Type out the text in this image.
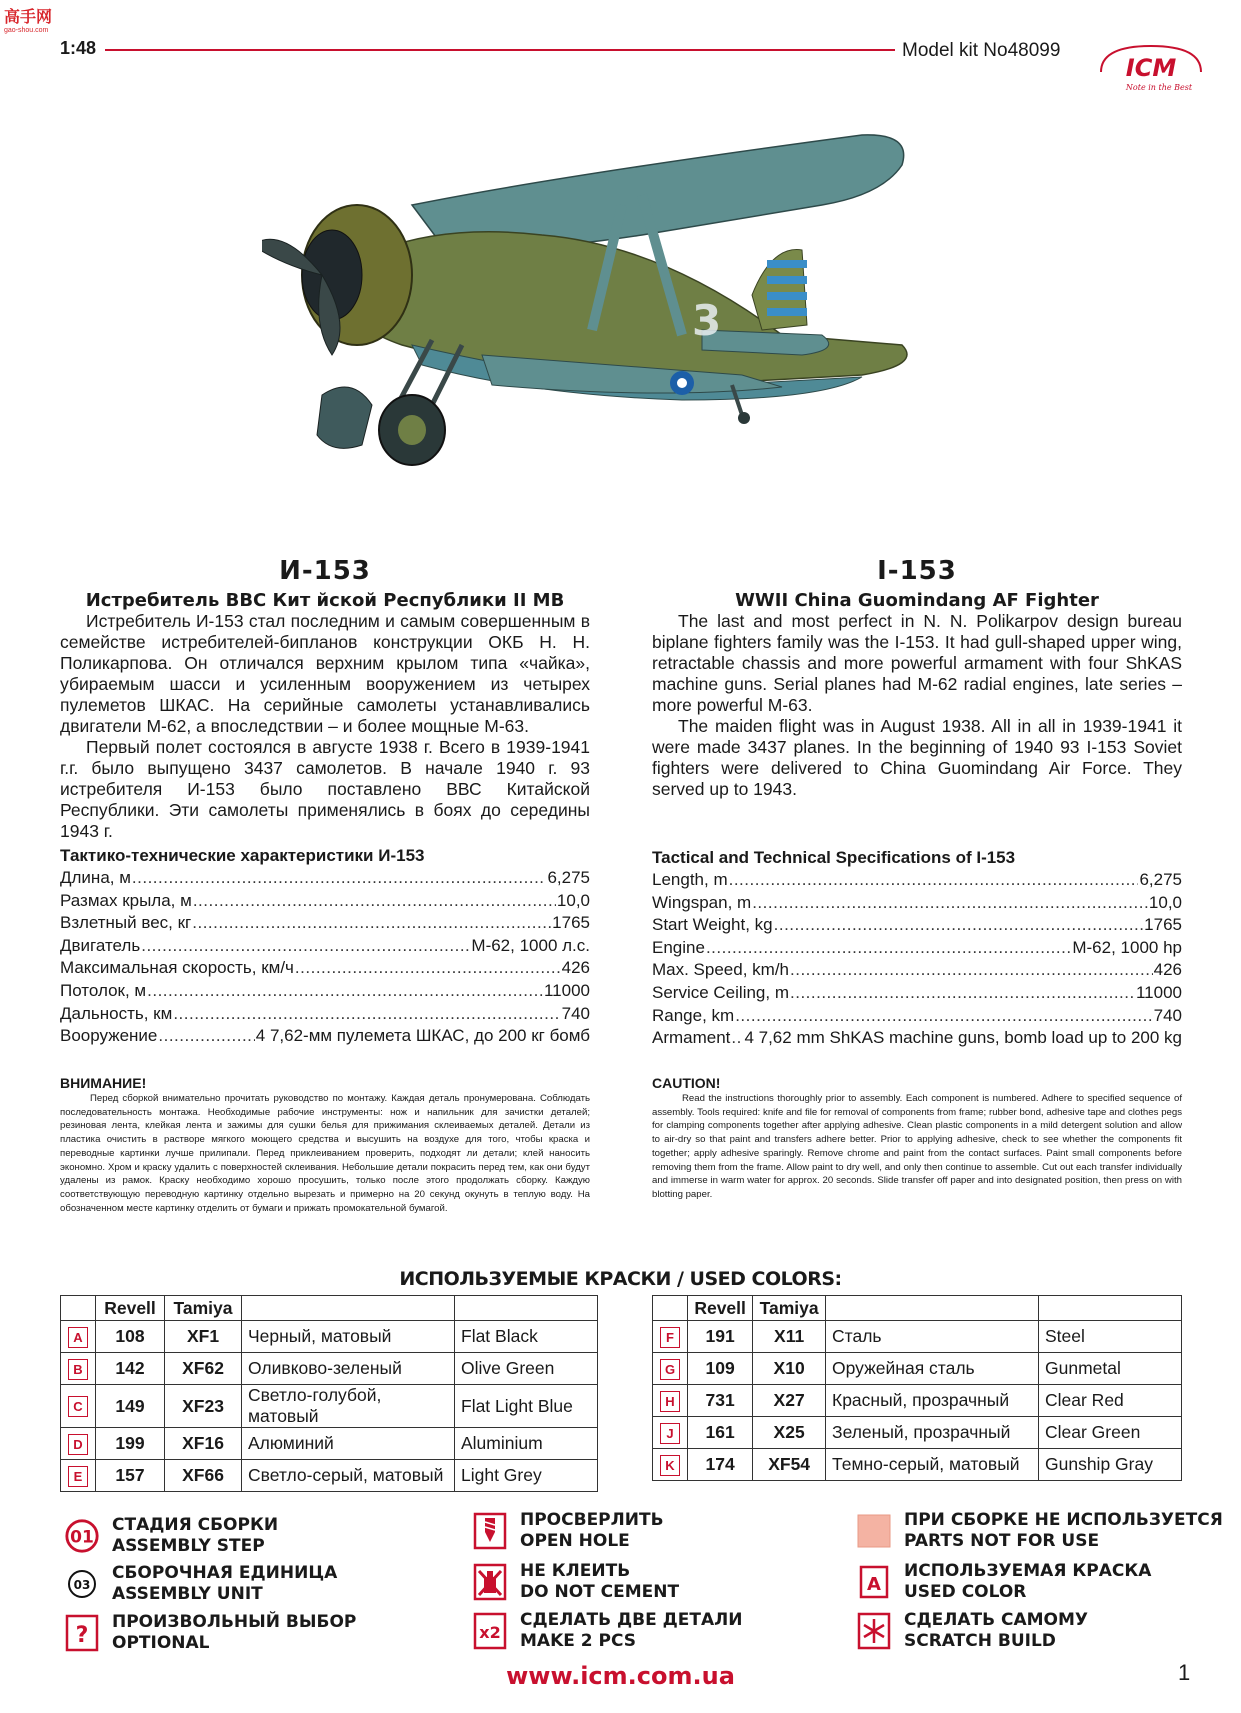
高手网
gao-shou.com
1:48	Model kit No48099
ICM
Note in the Best
3
И-153
Истребитель ВВС Кит йской Республики II МВ

Истребитель И-153 стал последним и самым совершенным в семействе истребителей-бипланов конструкции ОКБ Н. Н. Поликарпова. Он отличался верхним крылом типа «чайка», убираемым шасси и усиленным вооружением из четырех пулеметов ШКАС. На серийные самолеты устанавливались двигатели М-62, а впоследствии – и более мощные М-63.

Первый полет состоялся в августе 1938 г. Всего в 1939-1941 г.г. было выпущено 3437 самолетов. В начале 1940 г. 93 истребителя И-153 было поставлено ВВС Китайской Республики. Эти самолеты применялись в боях до середины 1943 г.

Тактико-технические характеристики И-153
Длина, м .....	6,275
Размах крыла, м .....	10,0
Взлетный вес, кг .....	1765
Двигатель .....	М-62, 1000 л.с.
Максимальная скорость, км/ч .....	426
Потолок, м .....	11000
Дальность, км .....	740
Вооружение .....	4 7,62-мм пулемета ШКАС, до 200 кг бомб
ВНИМАНИЕ!
Перед сборкой внимательно прочитать руководство по монтажу. Каждая деталь пронумерована. Соблюдать последовательность монтажа. Необходимые рабочие инструменты: нож и напильник для зачистки деталей; резиновая лента, клейкая лента и зажимы для сушки белья для прижимания склеиваемых деталей. Детали из пластика очистить в растворе мягкого моющего средства и высушить на воздухе для того, чтобы краска и переводные картинки лучше прилипали. Перед приклеиванием проверить, подходят ли детали; клей наносить экономно. Хром и краску удалить с поверхностей склеивания. Небольшие детали покрасить перед тем, как они будут удалены из рамок. Краску необходимо хорошо просушить, только после этого продолжать сборку. Каждую соответствующую переводную картинку отдельно вырезать и примерно на 20 секунд окунуть в теплую воду. На обозначенном месте картинку отделить от бумаги и прижать промокательной бумагой.
I-153
WWII China Guomindang AF Fighter

The last and most perfect in N. N. Polikarpov design bureau biplane fighters family was the I-153. It had gull-shaped upper wing, retractable chassis and more powerful armament with four ShKAS machine guns. Serial planes had M-62 radial engines, late series – more powerful M-63.

The maiden flight was in August 1938. All in all in 1939-1941 it were made 3437 planes. In the beginning of 1940 93 I-153 Soviet fighters were delivered to China Guomindang Air Force. They served up to 1943.

Tactical and Technical Specifications of I-153
Length, m .....	6,275
Wingspan, m .....	10,0
Start Weight, kg .....	1765
Engine .....	M-62, 1000 hp
Max. Speed, km/h .....	426
Service Ceiling, m .....	11000
Range, km .....	740
Armament ..... 4 7,62 mm ShKAS machine guns, bomb load up to 200 kg
CAUTION!
Read the instructions thoroughly prior to assembly. Each component is numbered. Adhere to specified sequence of assembly. Tools required: knife and file for removal of components from frame; rubber bond, adhesive tape and clothes pegs for clamping components together after applying adhesive. Clean plastic components in a mild detergent solution and allow to air-dry so that paint and transfers adhere better. Prior to applying adhesive, check to see whether the components fit together; apply adhesive sparingly. Remove chrome and paint from the contact surfaces. Paint small components before removing them from the frame. Allow paint to dry well, and only then continue to assemble. Cut out each transfer individually and immerse in warm water for approx. 20 seconds. Slide transfer off paper and into designated position, then press on with blotting paper.
ИСПОЛЬЗУЕМЫЕ КРАСКИ / USED COLORS:
	Revell	Tamiya		
A	108	XF1	Черный, матовый	Flat Black
B	142	XF62	Оливково-зеленый	Olive Green
C	149	XF23	Светло-голубой, матовый	Flat Light Blue
D	199	XF16	Алюминий	Aluminium
E	157	XF66	Светло-серый, матовый	Light Grey
	Revell	Tamiya		
F	191	X11	Сталь	Steel
G	109	X10	Оружейная сталь	Gunmetal
H	731	X27	Красный, прозрачный	Clear Red
J	161	X25	Зеленый, прозрачный	Clear Green
K	174	XF54	Темно-серый, матовый	Gunship Gray
01
СТАДИЯ СБОРКИ
ASSEMBLY STEP
03
СБОРОЧНАЯ ЕДИНИЦА
ASSEMBLY UNIT
?
ПРОИЗВОЛЬНЫЙ ВЫБОР
OPTIONAL
ПРОСВЕРЛИТЬ
OPEN HOLE
НЕ КЛЕИТЬ
DO NOT CEMENT
x2
СДЕЛАТЬ ДВЕ ДЕТАЛИ
MAKE 2 PCS
ПРИ СБОРКЕ НЕ ИСПОЛЬЗУЕТСЯ
PARTS NOT FOR USE
A
ИСПОЛЬЗУЕМАЯ КРАСКА
USED COLOR
СДЕЛАТЬ САМОМУ
SCRATCH BUILD
www.icm.com.ua	1
